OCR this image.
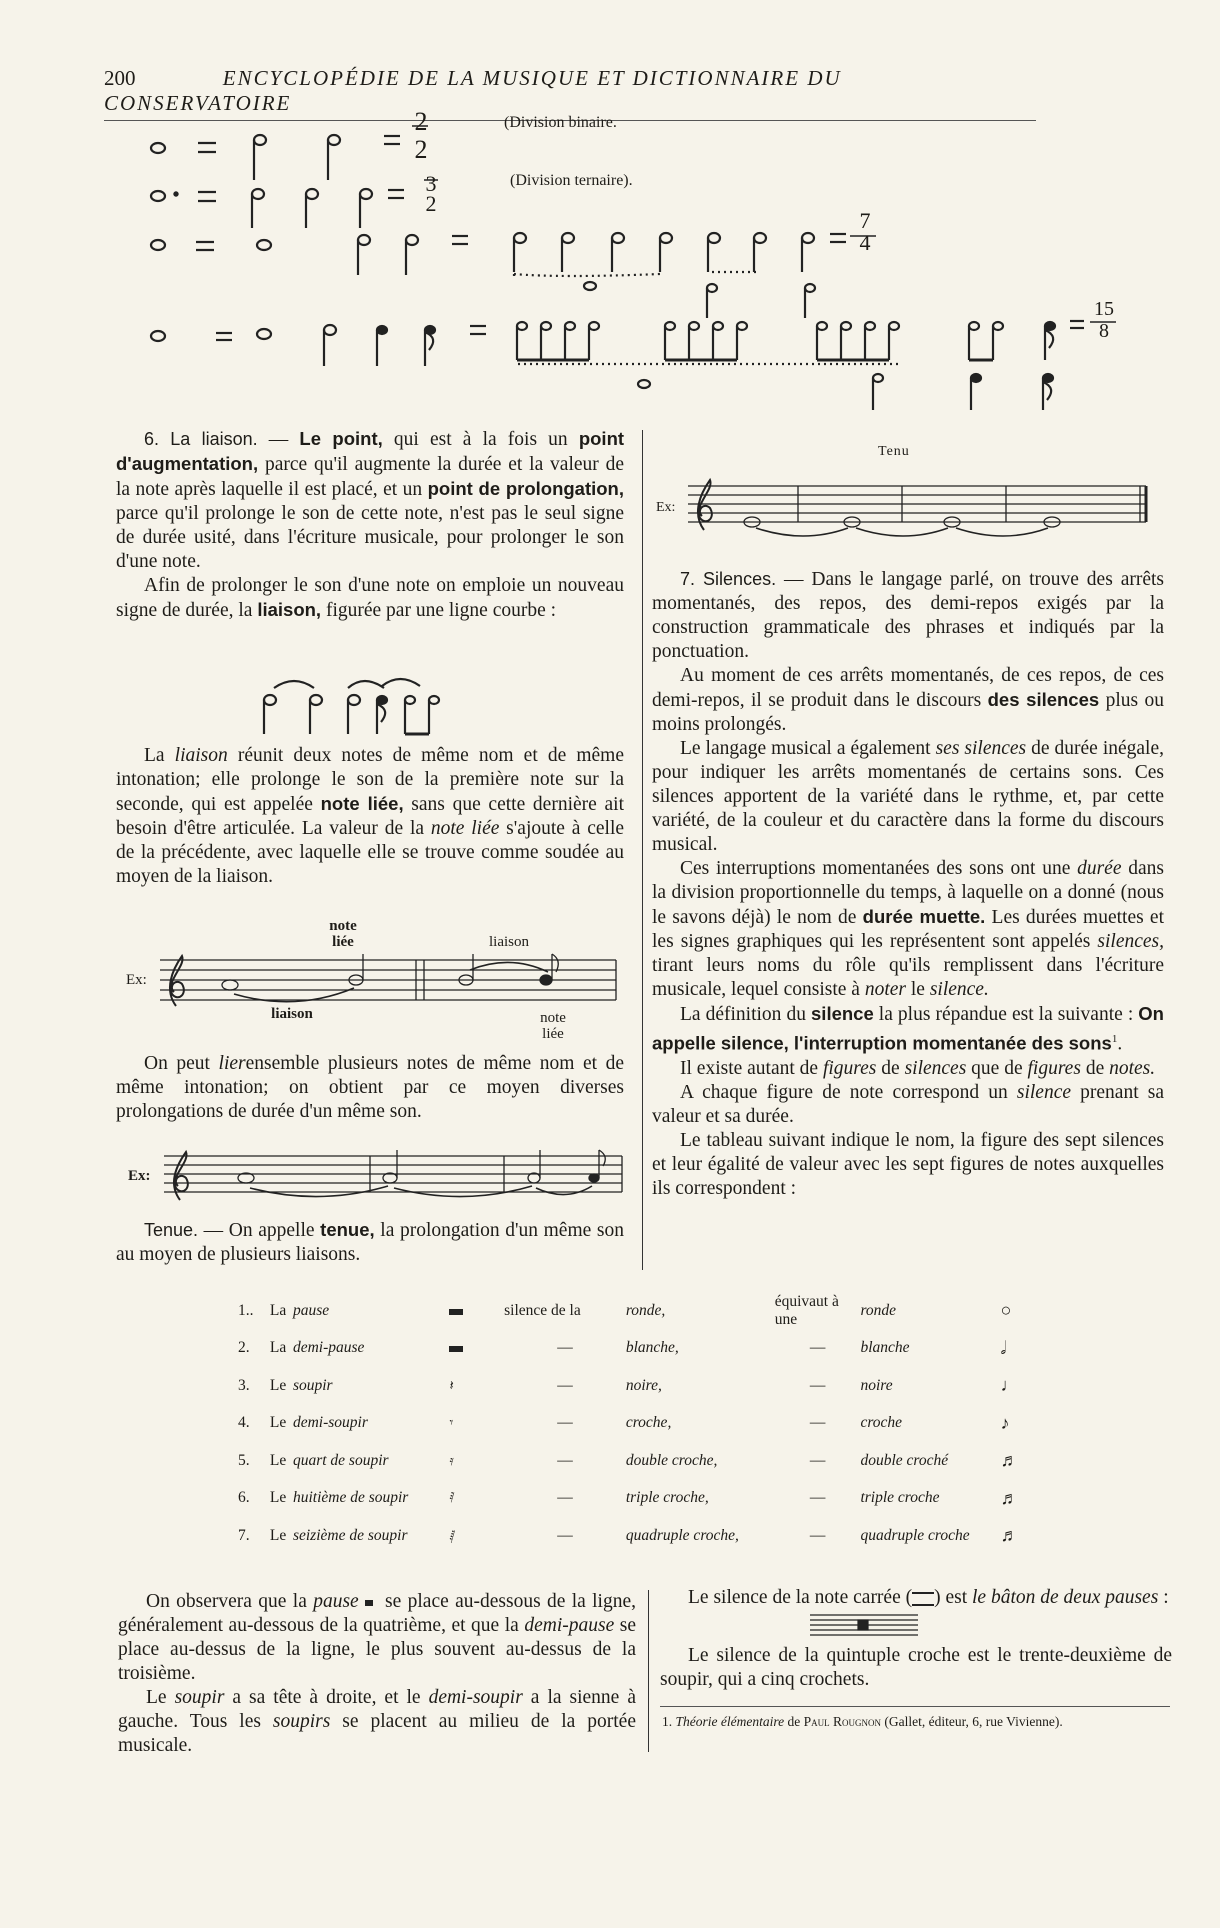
200	ENCYCLOPÉDIE DE LA MUSIQUE ET DICTIONNAIRE DU CONSERVATOIRE
2
2
(Division binaire.
3
2
(Division ternaire).
7
4
15
8

6. La liaison. — Le point, qui est à la fois un point d'augmentation, parce qu'il augmente la durée et la valeur de la note après laquelle il est placé, et un point de prolongation, parce qu'il prolonge le son de cette note, n'est pas le seul signe de durée usité, dans l'écriture musicale, pour prolonger le son d'une note.

Afin de prolonger le son d'une note on emploie un nouveau signe de durée, la liaison, figurée par une ligne courbe :

La liaison réunit deux notes de même nom et de même intonation; elle prolonge le son de la première note sur la seconde, qui est appelée note liée, sans que cette dernière ait besoin d'être articulée. La valeur de la note liée s'ajoute à celle de la précédente, avec laquelle elle se trouve comme soudée au moyen de la liaison.

note
liée	liaison
Ex:
liaison	note
liée

On peut lierensemble plusieurs notes de même nom et de même intonation; on obtient par ce moyen diverses prolongations de durée d'un même son.

Ex:

Tenue. — On appelle tenue, la prolongation d'un même son au moyen de plusieurs liaisons.

Tenu
Ex:

7. Silences. — Dans le langage parlé, on trouve des arrêts momentanés, des repos, des demi-repos exigés par la construction grammaticale des phrases et indiqués par la ponctuation.

Au moment de ces arrêts momentanés, de ces repos, de ces demi-repos, il se produit dans le discours des silences plus ou moins prolongés.

Le langage musical a également ses silences de durée inégale, pour indiquer les arrêts momentanés de certains sons. Ces silences apportent de la variété dans le rythme, et, par cette variété, de la couleur et du caractère dans la forme du discours musical.

Ces interruptions momentanées des sons ont une durée dans la division proportionnelle du temps, à laquelle on a donné (nous le savons déjà) le nom de durée muette. Les durées muettes et les signes graphiques qui les représentent sont appelés silences, tirant leurs noms du rôle qu'ils remplissent dans l'écriture musicale, lequel consiste à noter le silence.

La définition du silence la plus répandue est la suivante : On appelle silence, l'interruption momentanée des sons$^1$.

Il existe autant de figures de silences que de figures de notes.

A chaque figure de note correspond un silence prenant sa valeur et sa durée.

Le tableau suivant indique le nom, la figure des sept silences et leur égalité de valeur avec les sept figures de notes auxquelles ils correspondent :

1..	La	pause		silence de la	ronde,	équivaut à une	ronde	○
2.	La	demi-pause		—	blanche,	—	blanche	𝅗𝅥
3.	Le	soupir	𝄽	—	noire,	—	noire	♩
4.	Le	demi-soupir	𝄾	—	croche,	—	croche	♪
5.	Le	quart de soupir	𝄿	—	double croche,	—	double croché	♬
6.	Le	huitième de soupir	𝅀	—	triple croche,	—	triple croche	♬
7.	Le	seizième de soupir	𝅁	—	quadruple croche,	—	quadruple croche	♬

On observera que la pause se place au-dessous de la ligne, généralement au-dessous de la quatrième, et que la demi-pause se place au-dessus de la ligne, le plus souvent au-dessus de la troisième.

Le soupir a sa tête à droite, et le demi-soupir a la sienne à gauche. Tous les soupirs se placent au milieu de la portée musicale.

Le silence de la note carrée ( ) est le bâton de deux pauses :

Le silence de la quintuple croche est le trente-deuxième de soupir, qui a cinq crochets.

1. Théorie élémentaire de Paul Rougnon (Gallet, éditeur, 6, rue Vivienne).
